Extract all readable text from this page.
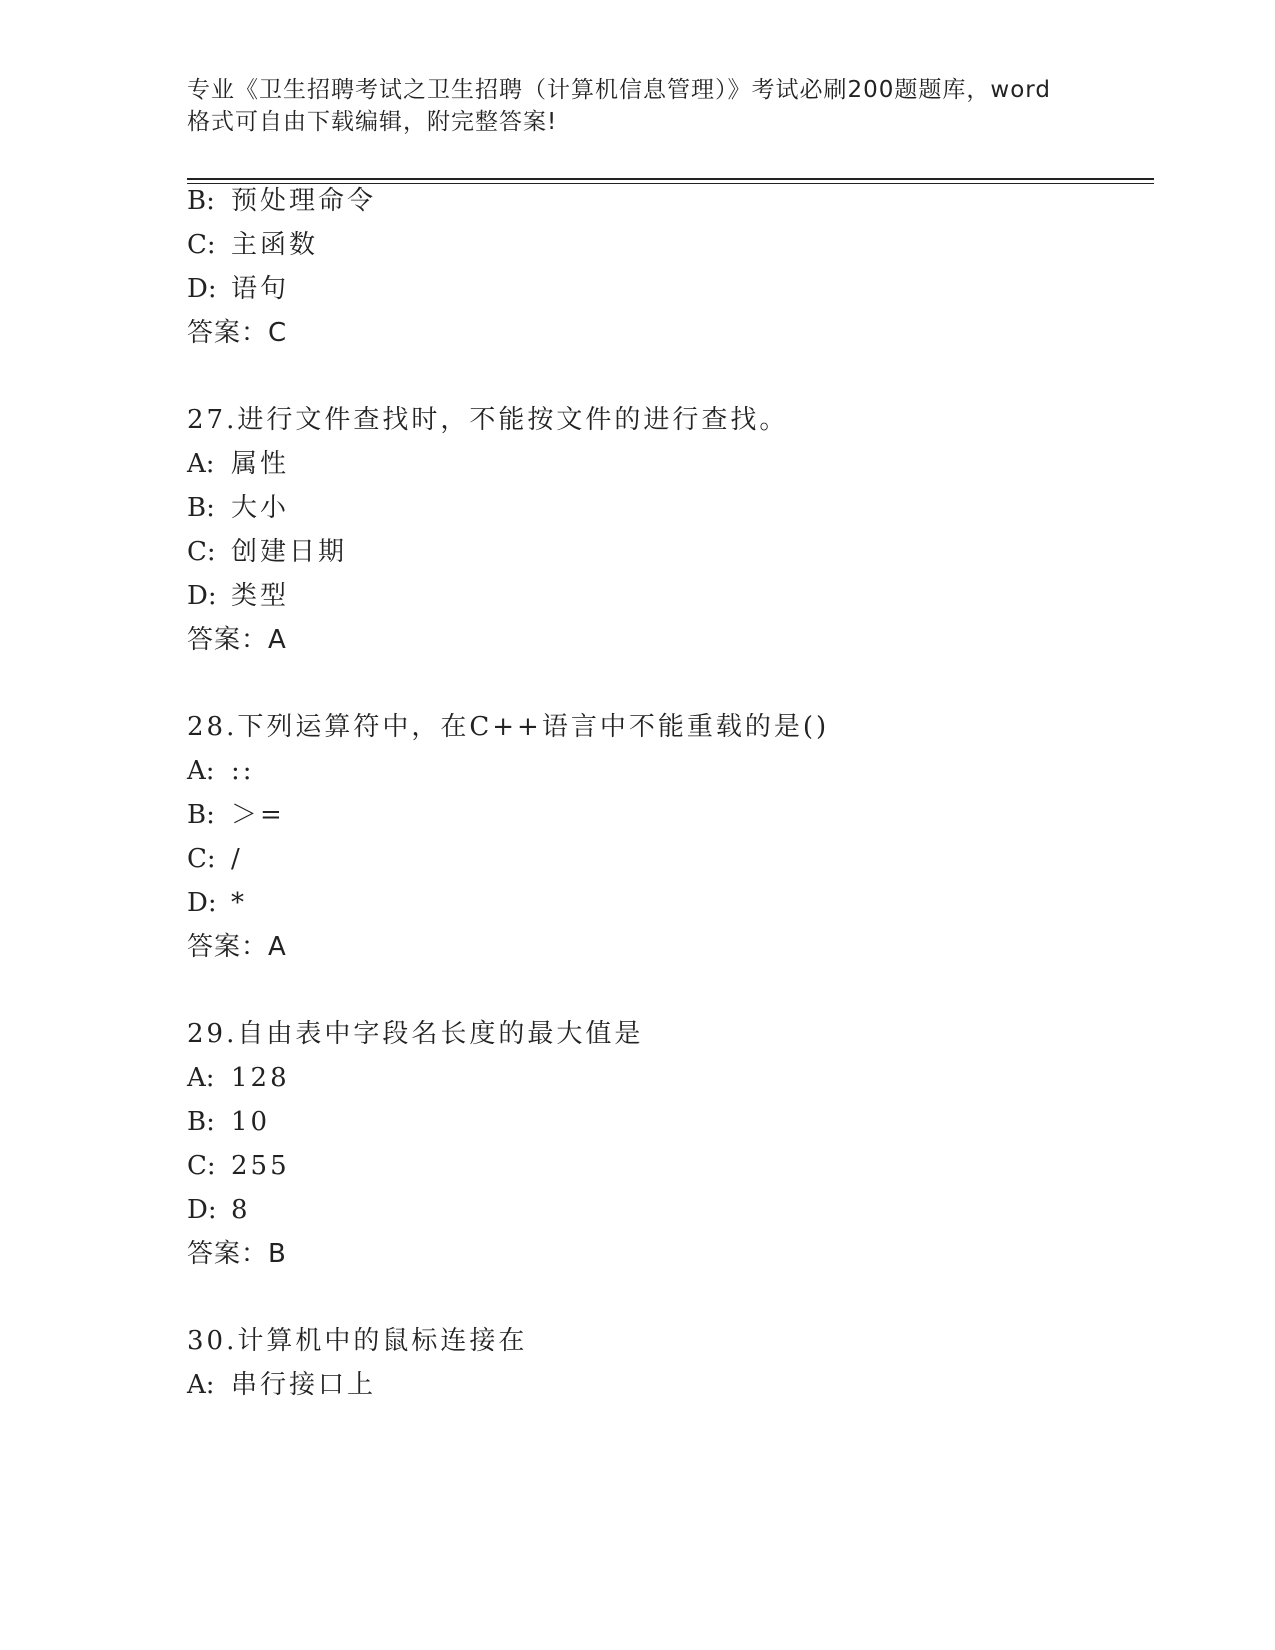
专业《卫生招聘考试之卫生招聘（计算机信息管理）》考试必刷200题题库，word
格式可自由下载编辑，附完整答案!
B: 预处理命令
C: 主函数
D: 语句
答案：C
27.进行文件查找时，不能按文件的进行查找。
A: 属性
B: 大小
C: 创建日期
D: 类型
答案：A
28.下列运算符中，在C++语言中不能重载的是()
A: ::
B: ＞=
C: /
D: *
答案：A
29.自由表中字段名长度的最大值是
A: 128
B: 10
C: 255
D: 8
答案：B
30.计算机中的鼠标连接在
A: 串行接口上
